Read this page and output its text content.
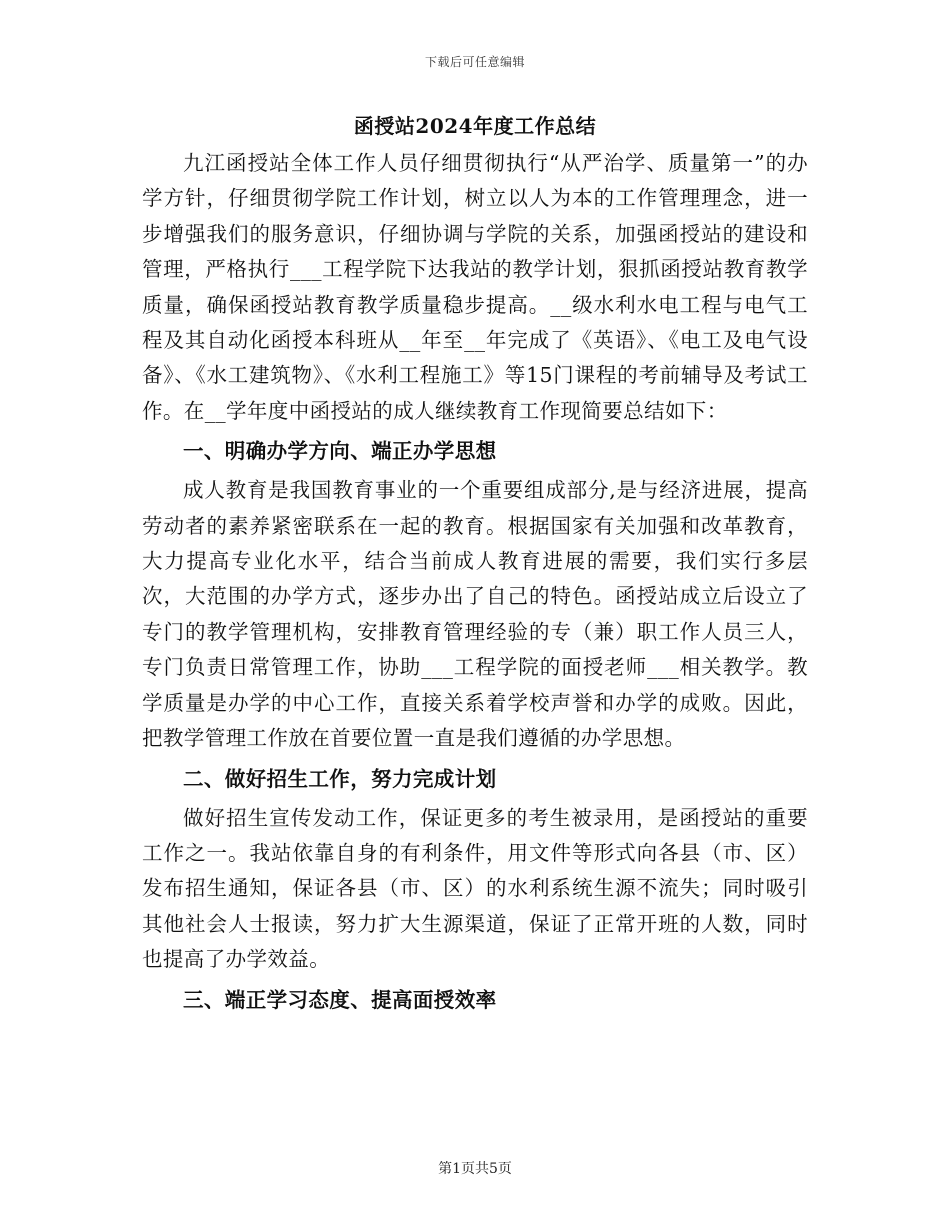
下载后可任意编辑
函授站2024年度工作总结

九江函授站全体工作人员仔细贯彻执行“从严治学、质量第一”的办学方针，仔细贯彻学院工作计划，树立以人为本的工作管理理念，进一步增强我们的服务意识，仔细协调与学院的关系，加强函授站的建设和管理，严格执行___工程学院下达我站的教学计划，狠抓函授站教育教学质量，确保函授站教育教学质量稳步提高。__级水利水电工程与电气工程及其自动化函授本科班从__年至__年完成了《英语》、《电工及电气设备》、《水工建筑物》、《水利工程施工》等15门课程的考前辅导及考试工作。在__学年度中函授站的成人继续教育工作现简要总结如下：

一、明确办学方向、端正办学思想

成人教育是我国教育事业的一个重要组成部分,是与经济进展，提高劳动者的素养紧密联系在一起的教育。根据国家有关加强和改革教育，大力提高专业化水平，结合当前成人教育进展的需要，我们实行多层次，大范围的办学方式，逐步办出了自己的特色。函授站成立后设立了专门的教学管理机构，安排教育管理经验的专（兼）职工作人员三人，专门负责日常管理工作，协助___工程学院的面授老师___相关教学。教学质量是办学的中心工作，直接关系着学校声誉和办学的成败。因此，把教学管理工作放在首要位置一直是我们遵循的办学思想。

二、做好招生工作，努力完成计划

做好招生宣传发动工作，保证更多的考生被录用，是函授站的重要工作之一。我站依靠自身的有利条件，用文件等形式向各县（市、区）发布招生通知，保证各县（市、区）的水利系统生源不流失；同时吸引其他社会人士报读，努力扩大生源渠道，保证了正常开班的人数，同时也提高了办学效益。

三、端正学习态度、提高面授效率
第1页共5页
